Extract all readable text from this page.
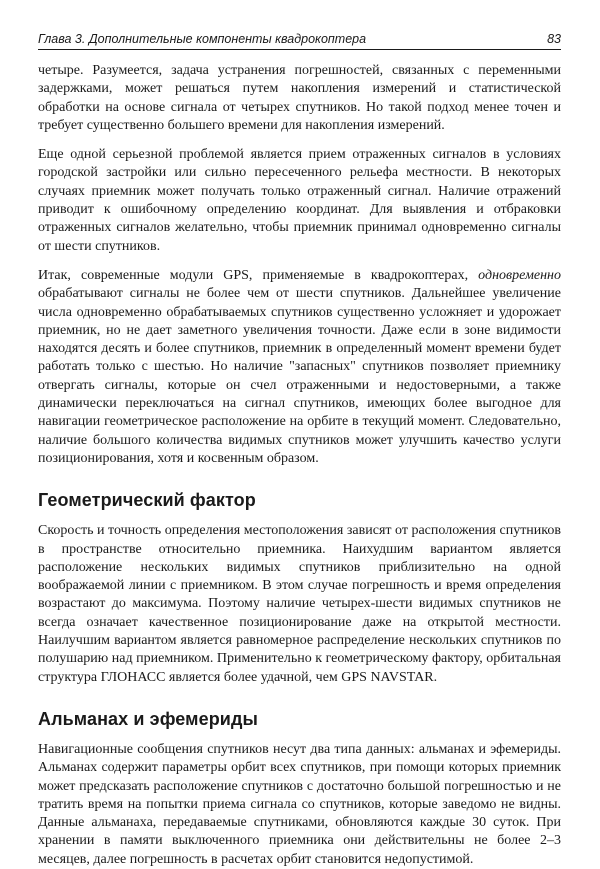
Глава 3. Дополнительные компоненты квадрокоптера	83

четыре. Разумеется, задача устранения погрешностей, связанных с переменными задержками, может решаться путем накопления измерений и статистической обработки на основе сигнала от четырех спутников. Но такой подход менее точен и требует существенно большего времени для накопления измерений.

Еще одной серьезной проблемой является прием отраженных сигналов в условиях городской застройки или сильно пересеченного рельефа местности. В некоторых случаях приемник может получать только отраженный сигнал. Наличие отражений приводит к ошибочному определению координат. Для выявления и отбраковки отраженных сигналов желательно, чтобы приемник принимал одновременно сигналы от шести спутников.

Итак, современные модули GPS, применяемые в квадрокоптерах, одновременно обрабатывают сигналы не более чем от шести спутников. Дальнейшее увеличение числа одновременно обрабатываемых спутников существенно усложняет и удорожает приемник, но не дает заметного увеличения точности. Даже если в зоне видимости находятся десять и более спутников, приемник в определенный момент времени будет работать только с шестью. Но наличие "запасных" спутников позволяет приемнику отвергать сигналы, которые он счел отраженными и недостоверными, а также динамически переключаться на сигнал спутников, имеющих более выгодное для навигации геометрическое расположение на орбите в текущий момент. Следовательно, наличие большого количества видимых спутников может улучшить качество услуги позиционирования, хотя и косвенным образом.

Геометрический фактор

Скорость и точность определения местоположения зависят от расположения спутников в пространстве относительно приемника. Наихудшим вариантом является расположение нескольких видимых спутников приблизительно на одной воображаемой линии с приемником. В этом случае погрешность и время определения возрастают до максимума. Поэтому наличие четырех-шести видимых спутников не всегда означает качественное позиционирование даже на открытой местности. Наилучшим вариантом является равномерное распределение нескольких спутников по полушарию над приемником. Применительно к геометрическому фактору, орбитальная структура ГЛОНАСС является более удачной, чем GPS NAVSTAR.

Альманах и эфемериды

Навигационные сообщения спутников несут два типа данных: альманах и эфемериды. Альманах содержит параметры орбит всех спутников, при помощи которых приемник может предсказать расположение спутников с достаточно большой погрешностью и не тратить время на попытки приема сигнала со спутников, которые заведомо не видны. Данные альманаха, передаваемые спутниками, обновляются каждые 30 суток. При хранении в памяти выключенного приемника они действительны не более 2–3 месяцев, далее погрешность в расчетах орбит становится недопустимой.
